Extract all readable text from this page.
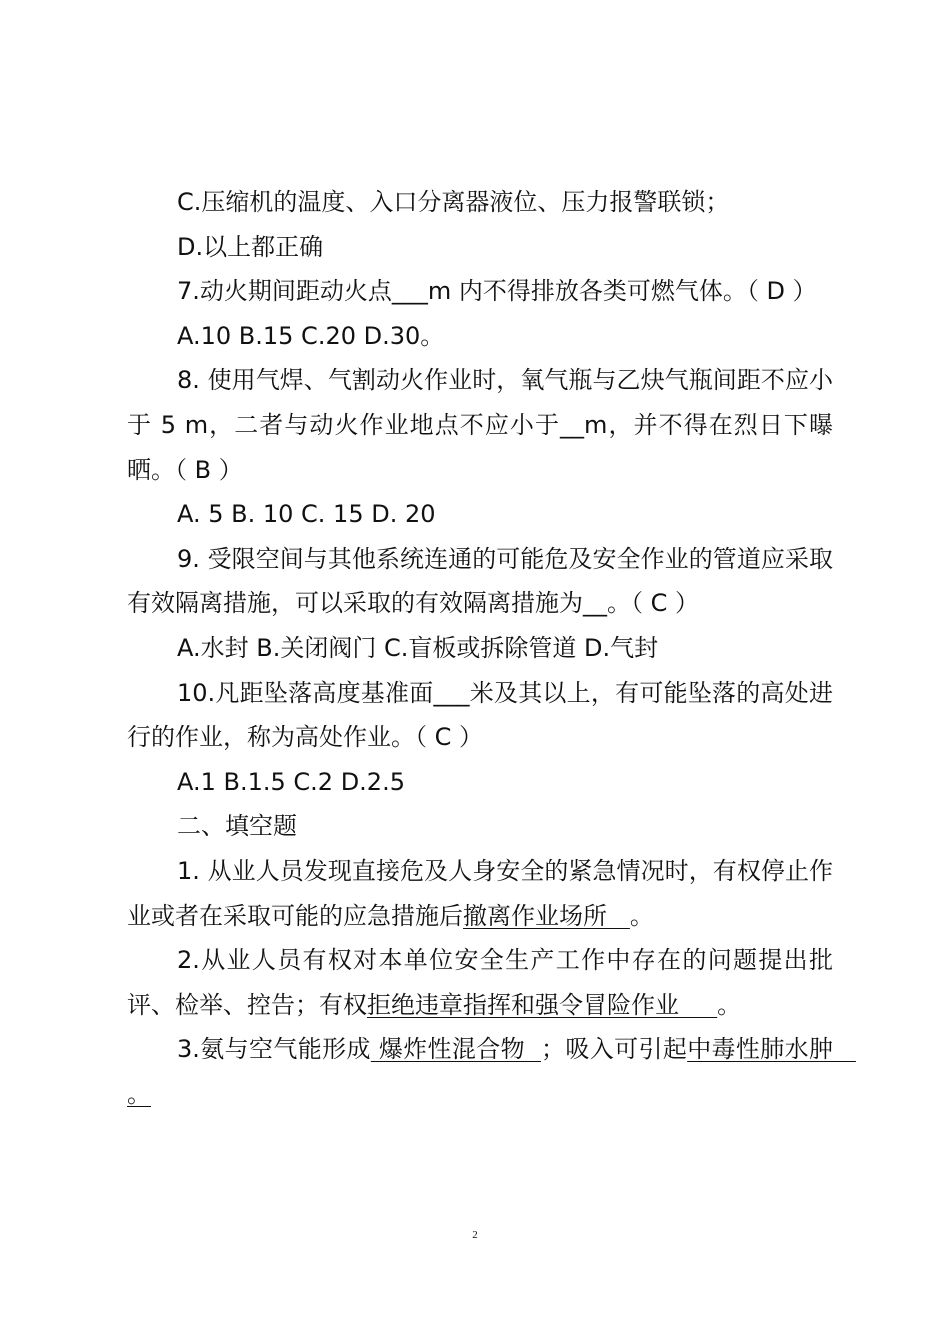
C.压缩机的温度、入口分离器液位、压力报警联锁；

D.以上都正确

7.动火期间距动火点___m 内不得排放各类可燃气体。（ D ）

A.10 B.15 C.20 D.30。

8. 使用气焊、气割动火作业时，氧气瓶与乙炔气瓶间距不应小于 5 m，二者与动火作业地点不应小于__m，并不得在烈日下曝晒。（ B ）

A. 5 B. 10 C. 15 D. 20

9. 受限空间与其他系统连通的可能危及安全作业的管道应采取有效隔离措施，可以采取的有效隔离措施为__。（ C ）

A.水封 B.关闭阀门 C.盲板或拆除管道 D.气封

10.凡距坠落高度基准面___米及其以上，有可能坠落的高处进行的作业，称为高处作业。（ C ）

A.1 B.1.5 C.2 D.2.5

二、填空题

1. 从业人员发现直接危及人身安全的紧急情况时，有权停止作业或者在采取可能的应急措施后撤离作业场所   。

2.从业人员有权对本单位安全生产工作中存在的问题提出批评、检举、控告；有权拒绝违章指挥和强令冒险作业     。

3.氨与空气能形成 爆炸性混合物  ；吸入可引起中毒性肺水肿   。

2
